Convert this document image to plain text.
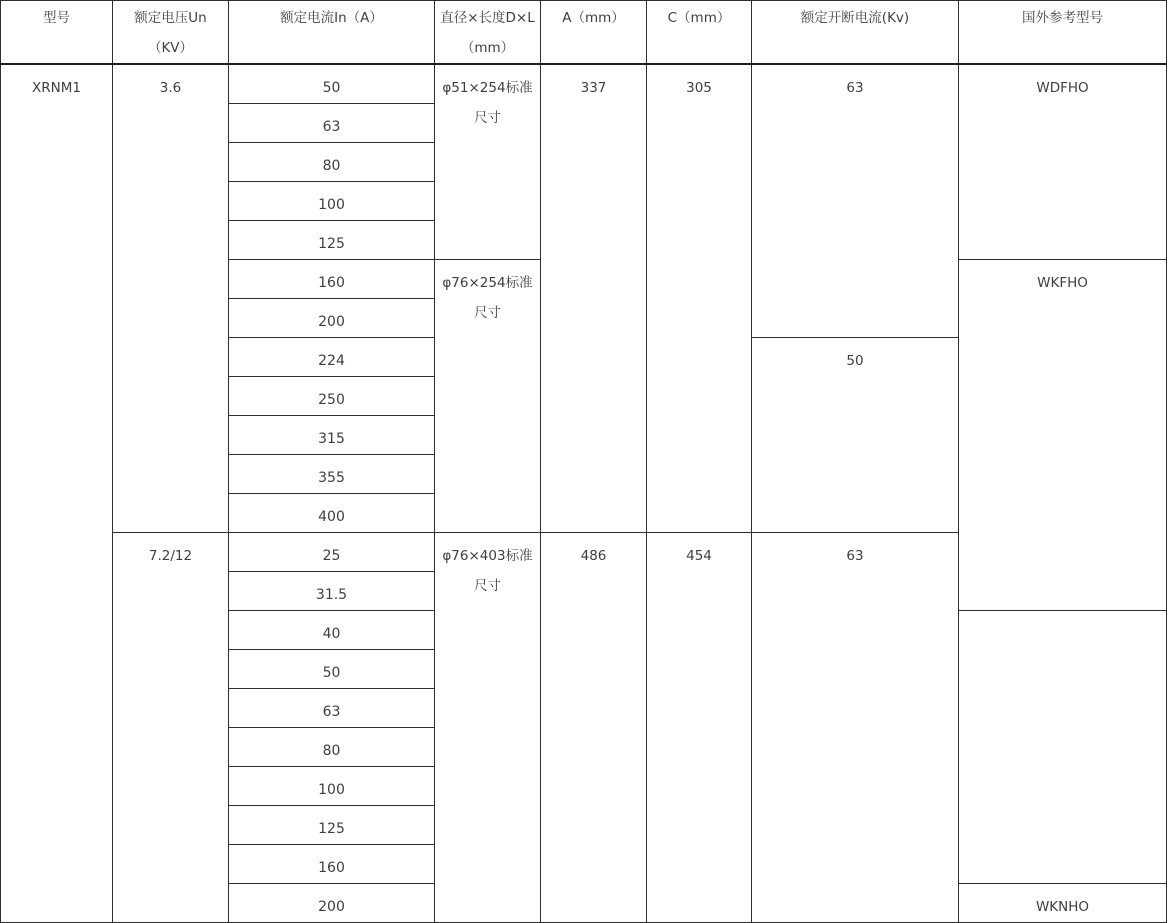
型号	额定电压Un（KV）	额定电流In（A）	直径×长度D×L（mm）	A（mm）	C（mm）	额定开断电流(Kv)	国外参考型号	
XRNM1	3.6	50	φ51×254标准尺寸	337	305	63	WDFHO	
		63						
		80						
		100						
		125						
		160	φ76×254标准尺寸				WKFHO	
		200						
		224				50		
		250						
		315						
		355						
		400						
	7.2/12	25	φ76×403标准尺寸	486	454	63	
		31.5						
		40						
		50						
		63						
		80						
		100						
		125						
		160						
		200					WKNHO	
